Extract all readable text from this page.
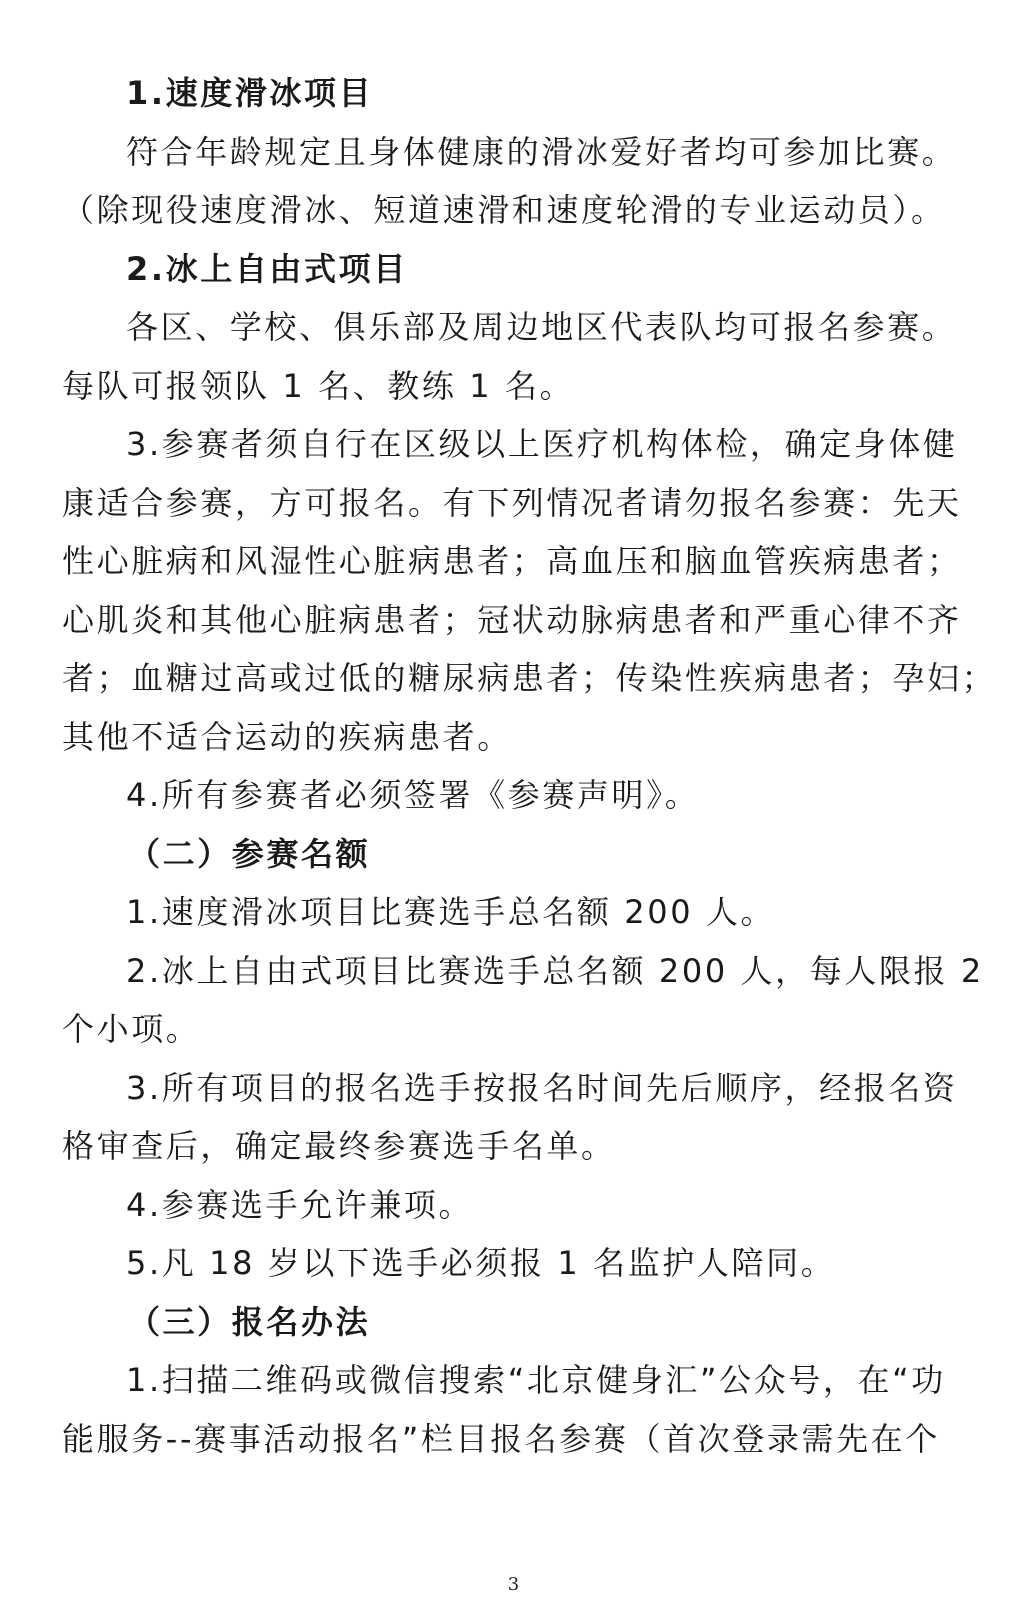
1.速度滑冰项目
符合年龄规定且身体健康的滑冰爱好者均可参加比赛。
（除现役速度滑冰、短道速滑和速度轮滑的专业运动员）。
2.冰上自由式项目
各区、学校、俱乐部及周边地区代表队均可报名参赛。
每队可报领队 1 名、教练 1 名。
3.参赛者须自行在区级以上医疗机构体检，确定身体健
康适合参赛，方可报名。有下列情况者请勿报名参赛：先天
性心脏病和风湿性心脏病患者；高血压和脑血管疾病患者；
心肌炎和其他心脏病患者；冠状动脉病患者和严重心律不齐
者；血糖过高或过低的糖尿病患者；传染性疾病患者；孕妇；
其他不适合运动的疾病患者。
4.所有参赛者必须签署《参赛声明》。
（二）参赛名额
1.速度滑冰项目比赛选手总名额 200 人。
2.冰上自由式项目比赛选手总名额 200 人，每人限报 2
个小项。
3.所有项目的报名选手按报名时间先后顺序，经报名资
格审查后，确定最终参赛选手名单。
4.参赛选手允许兼项。
5.凡 18 岁以下选手必须报 1 名监护人陪同。
（三）报名办法
1.扫描二维码或微信搜索“北京健身汇”公众号，在“功
能服务--赛事活动报名”栏目报名参赛（首次登录需先在个
3
